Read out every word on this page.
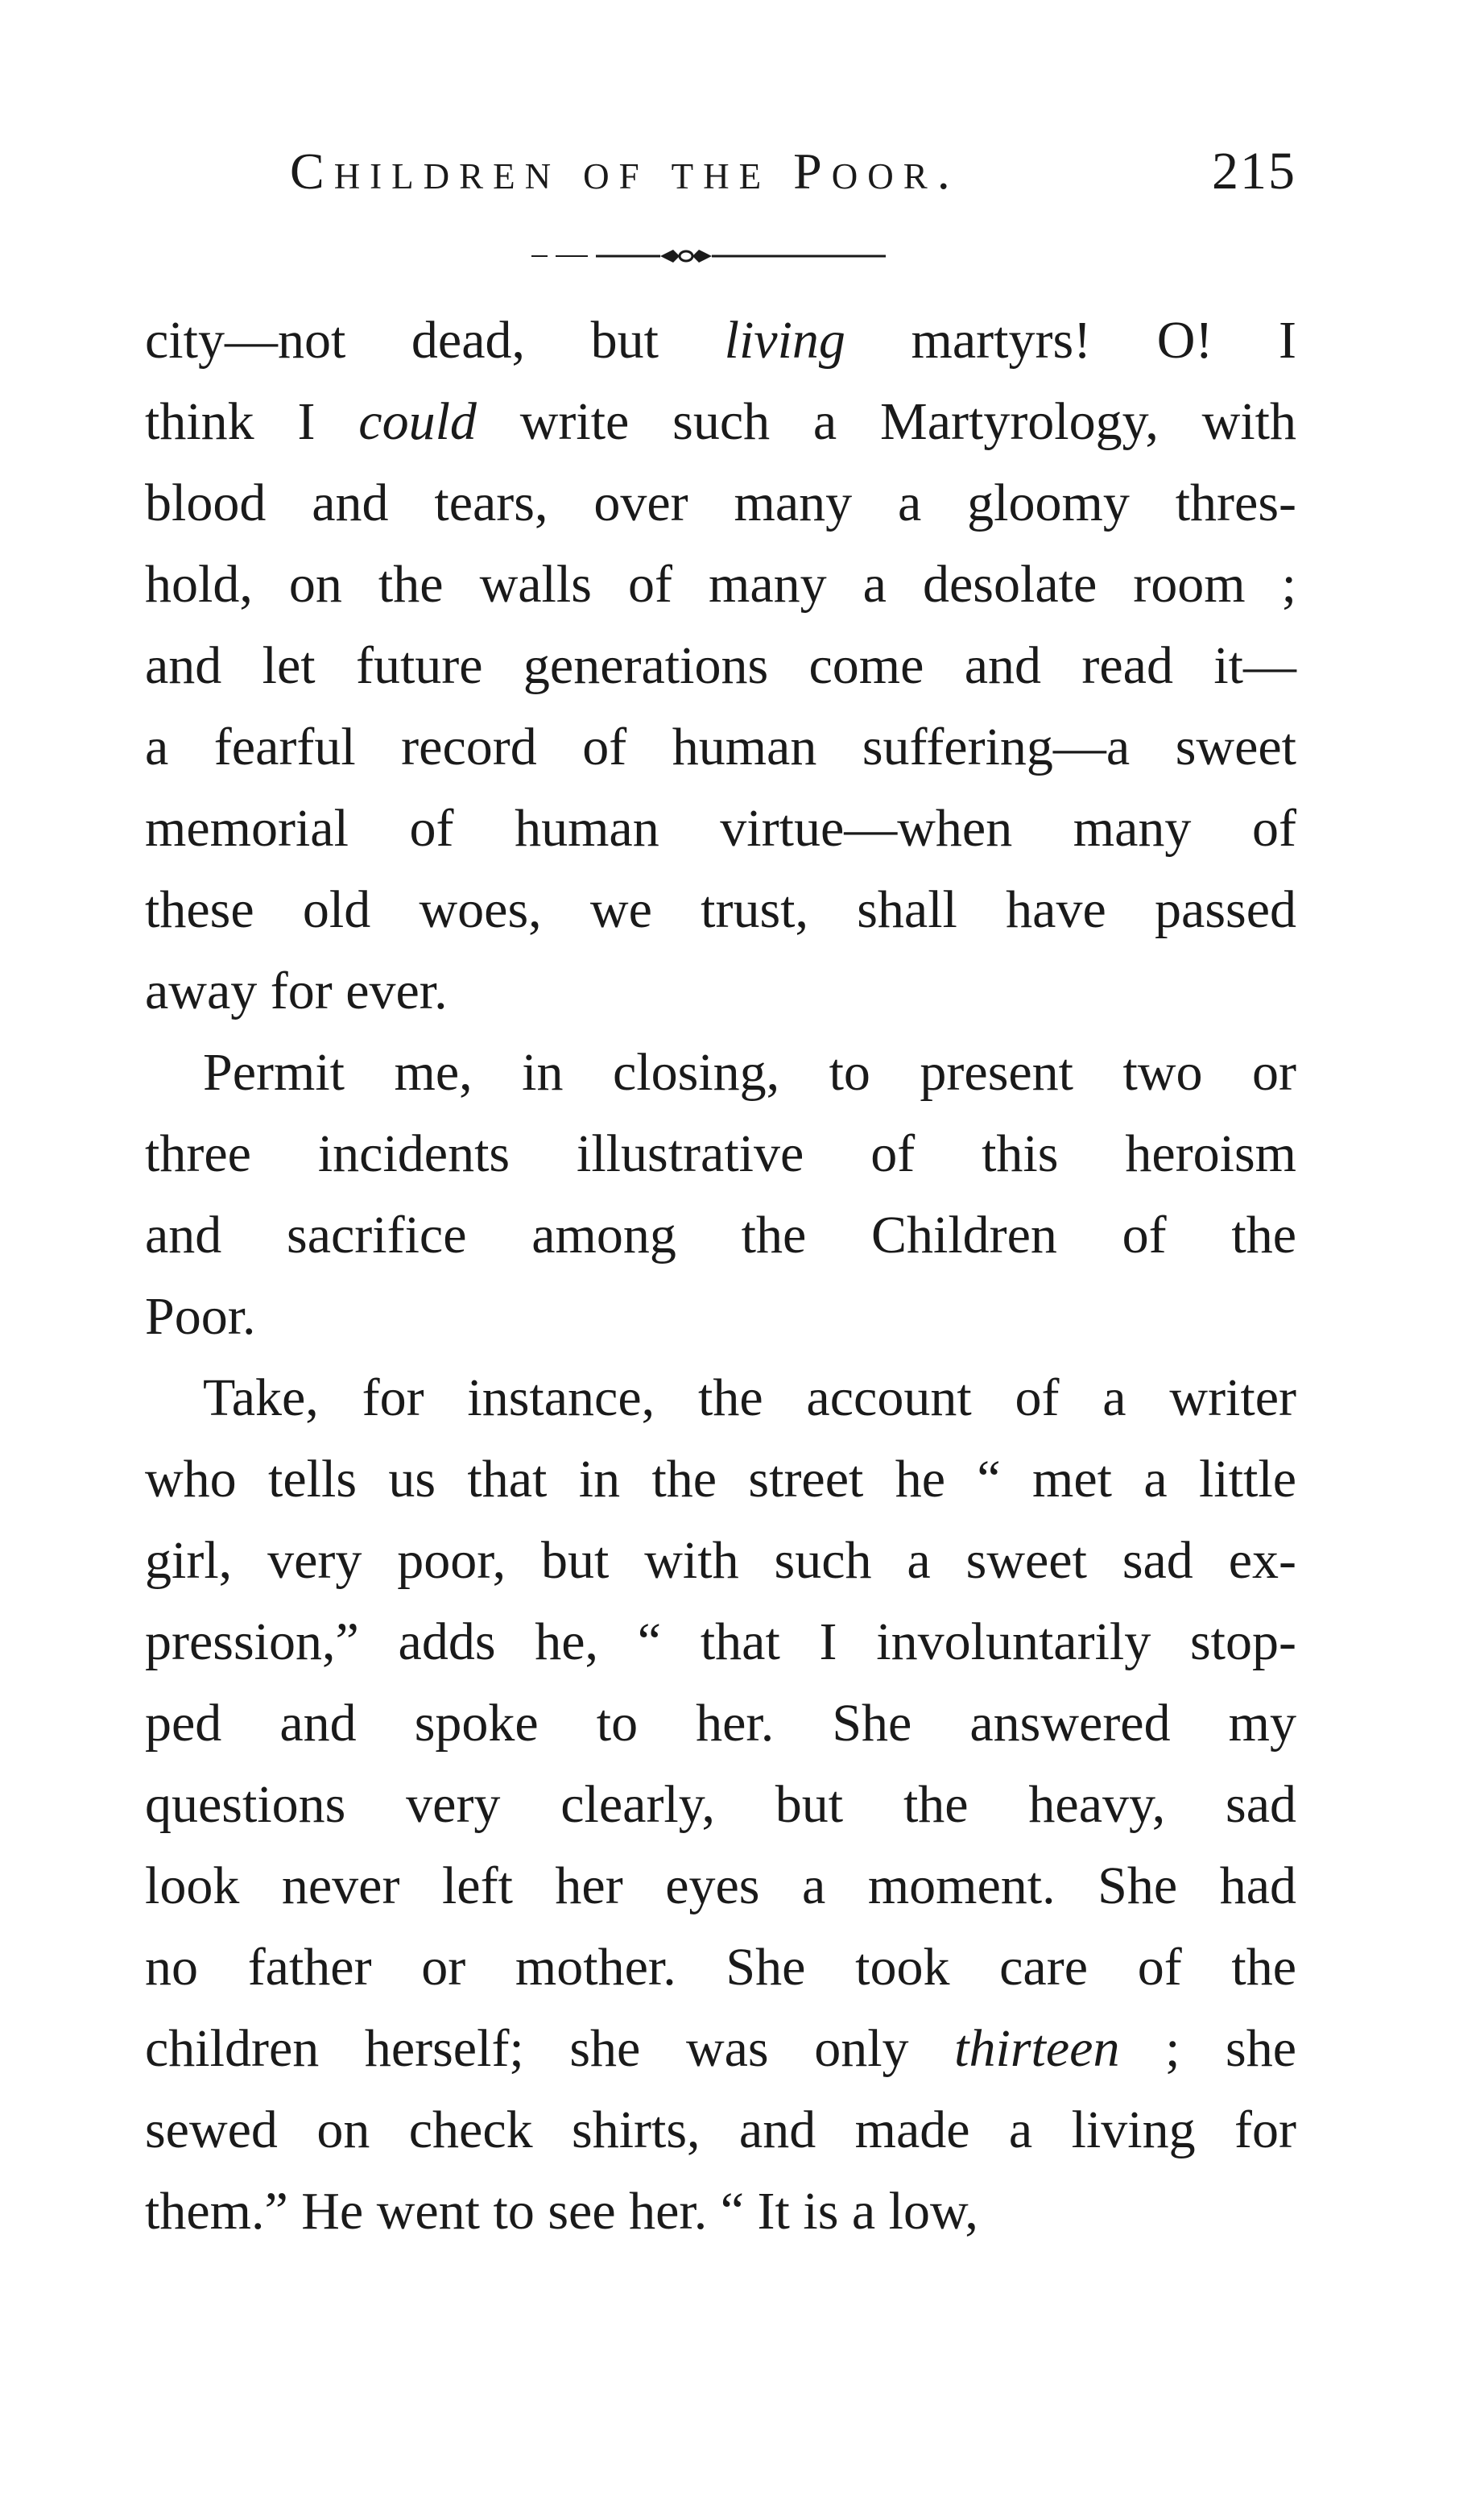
Children of the Poor.	215

city—not dead, but living martyrs! O! I
think I could write such a Martyrology, with
blood and tears, over many a gloomy thres-
hold, on the walls of many a desolate room ;
and let future generations come and read it—
a fearful record of human suffering—a sweet
memorial of human virtue—when many of
these old woes, we trust, shall have passed
away for ever.

Permit me, in closing, to present two or
three incidents illustrative of this heroism
and sacrifice among the Children of the
Poor.

Take, for instance, the account of a writer
who tells us that in the street he “ met a little
girl, very poor, but with such a sweet sad ex-
pression,” adds he, “ that I involuntarily stop-
ped and spoke to her. She answered my
questions very clearly, but the heavy, sad
look never left her eyes a moment. She had
no father or mother. She took care of the
children herself; she was only thirteen ; she
sewed on check shirts, and made a living for
them.” He went to see her. “ It is a low,
